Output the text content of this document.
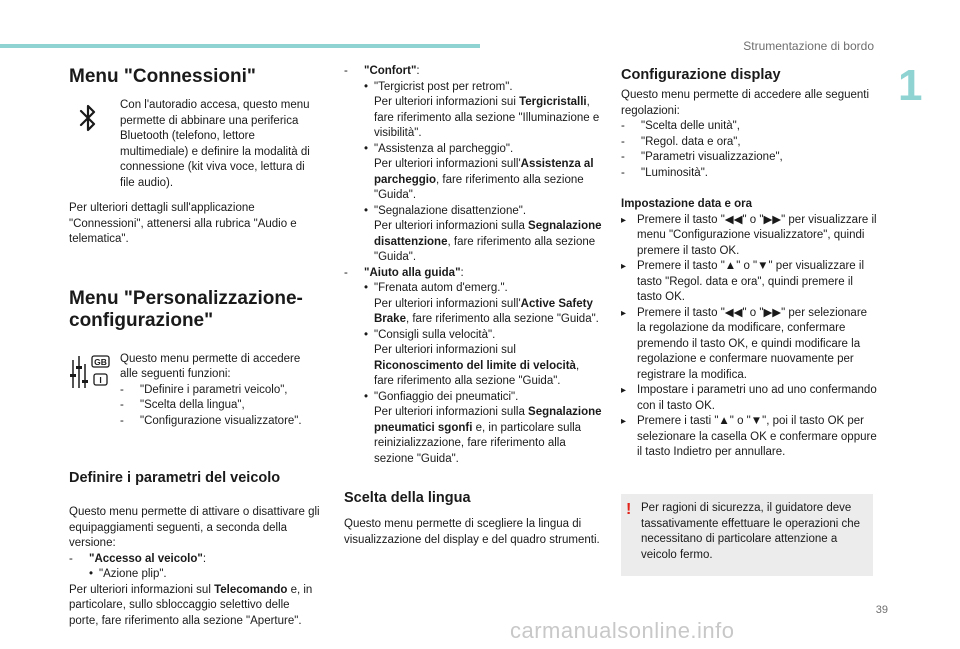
Strumentazione di bordo
1
Menu "Connessioni"

Con l'autoradio accesa, questo menu permette di abbinare una periferica Bluetooth (telefono, lettore multimediale) e definire la modalità di connessione (kit viva voce, lettura di file audio).

Per ulteriori dettagli sull'applicazione "Connessioni", attenersi alla rubrica "Audio e telematica".

Menu "Personalizzazione-configurazione"
GB
I

Questo menu permette di accedere alle seguenti funzioni:

- "Definire i parametri veicolo",
- "Scelta della lingua",
- "Configurazione visualizzatore".
Definire i parametri del veicolo

Questo menu permette di attivare o disattivare gli equipaggiamenti seguenti, a seconda della versione:

- "Accesso al veicolo":
• "Azione plip".

Per ulteriori informazioni sul Telecomando e, in particolare, sullo sbloccaggio selettivo delle porte, fare riferimento alla sezione "Aperture".

- "Confort":
• "Tergicrist post per retrom".
Per ulteriori informazioni sui Tergicristalli, fare riferimento alla sezione "Illuminazione e visibilità".
• "Assistenza al parcheggio".
Per ulteriori informazioni sull'Assistenza al parcheggio, fare riferimento alla sezione "Guida".
• "Segnalazione disattenzione".
Per ulteriori informazioni sulla Segnalazione disattenzione, fare riferimento alla sezione "Guida".
- "Aiuto alla guida":
• "Frenata autom d'emerg.".
Per ulteriori informazioni sull'Active Safety Brake, fare riferimento alla sezione "Guida".
• "Consigli sulla velocità".
Per ulteriori informazioni sul Riconoscimento del limite di velocità, fare riferimento alla sezione "Guida".
• "Gonfiaggio dei pneumatici".
Per ulteriori informazioni sulla Segnalazione pneumatici sgonfi e, in particolare sulla reinizializzazione, fare riferimento alla sezione "Guida".
Scelta della lingua

Questo menu permette di scegliere la lingua di visualizzazione del display e del quadro strumenti.

Configurazione display

Questo menu permette di accedere alle seguenti regolazioni:

- "Scelta delle unità",
- "Regol. data e ora",
- "Parametri visualizzazione",
- "Luminosità".
Impostazione data e ora
▸ Premere il tasto "◀◀" o "▶▶" per visualizzare il menu "Configurazione visualizzatore", quindi premere il tasto OK.
▸ Premere il tasto "▲" o "▼" per visualizzare il tasto "Regol. data e ora", quindi premere il tasto OK.
▸ Premere il tasto "◀◀" o "▶▶" per selezionare la regolazione da modificare, confermare premendo il tasto OK, e quindi modificare la regolazione e confermare nuovamente per registrare la modifica.
▸ Impostare i parametri uno ad uno confermando con il tasto OK.
▸ Premere i tasti "▲" o "▼", poi il tasto OK per selezionare la casella OK e confermare oppure il tasto Indietro per annullare.
! Per ragioni di sicurezza, il guidatore deve tassativamente effettuare le operazioni che necessitano di particolare attenzione a veicolo fermo.
39
carmanualsonline.info
